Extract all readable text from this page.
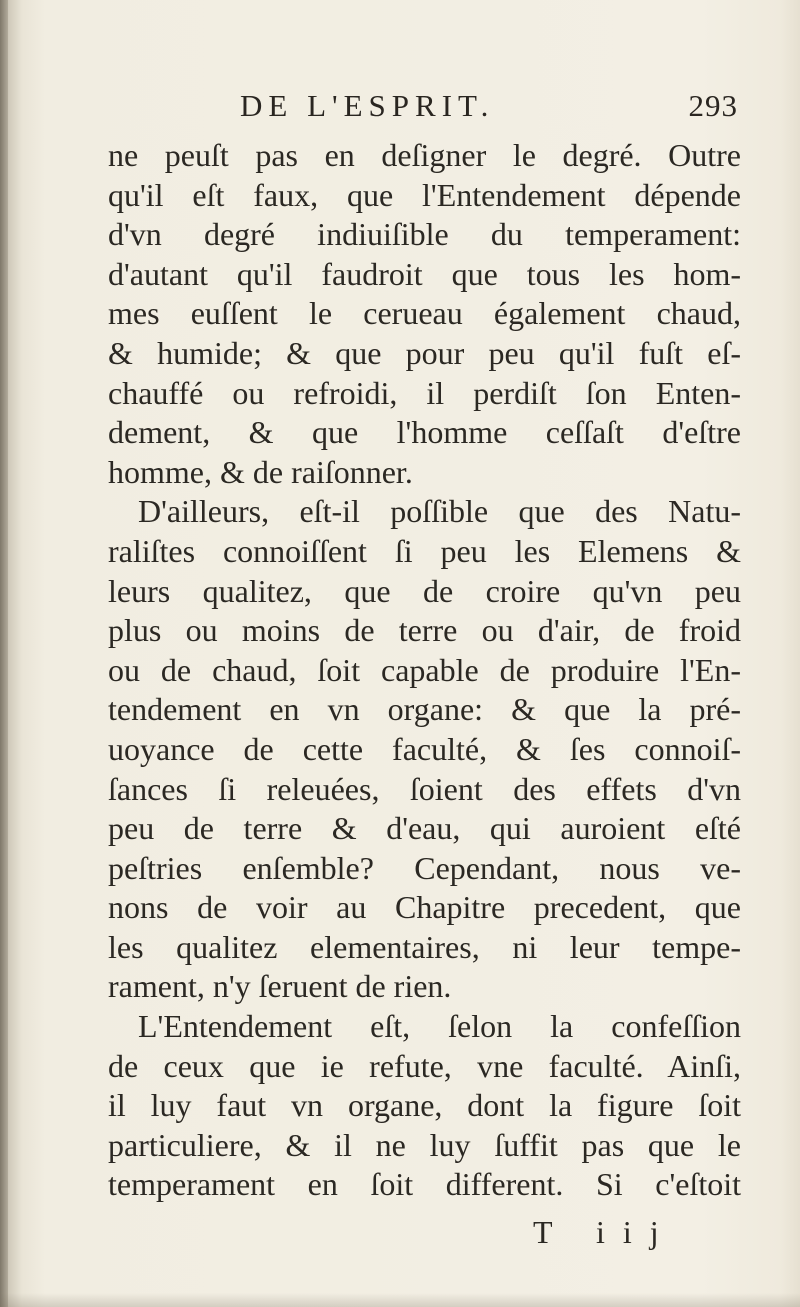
DE L'ESPRIT.	293
ne peuſt pas en deſigner le degré. Outre
qu'il eſt faux, que l'Entendement dépende
d'vn degré indiuiſible du temperament:
d'autant qu'il faudroit que tous les hom-
mes euſſent le cerueau également chaud,
& humide; & que pour peu qu'il fuſt eſ-
chauffé ou refroidi, il perdiſt ſon Enten-
dement, & que l'homme ceſſaſt d'eſtre
homme, & de raiſonner.
D'ailleurs, eſt-il poſſible que des Natu-
raliſtes connoiſſent ſi peu les Elemens &
leurs qualitez, que de croire qu'vn peu
plus ou moins de terre ou d'air, de froid
ou de chaud, ſoit capable de produire l'En-
tendement en vn organe: & que la pré-
uoyance de cette faculté, & ſes connoiſ-
ſances ſi releuées, ſoient des effets d'vn
peu de terre & d'eau, qui auroient eſté
peſtries enſemble? Cependant, nous ve-
nons de voir au Chapitre precedent, que
les qualitez elementaires, ni leur tempe-
rament, n'y ſeruent de rien.
L'Entendement eſt, ſelon la confeſſion
de ceux que ie refute, vne faculté. Ainſi,
il luy faut vn organe, dont la figure ſoit
particuliere, & il ne luy ſuffit pas que le
temperament en ſoit different. Si c'eſtoit
T iij
